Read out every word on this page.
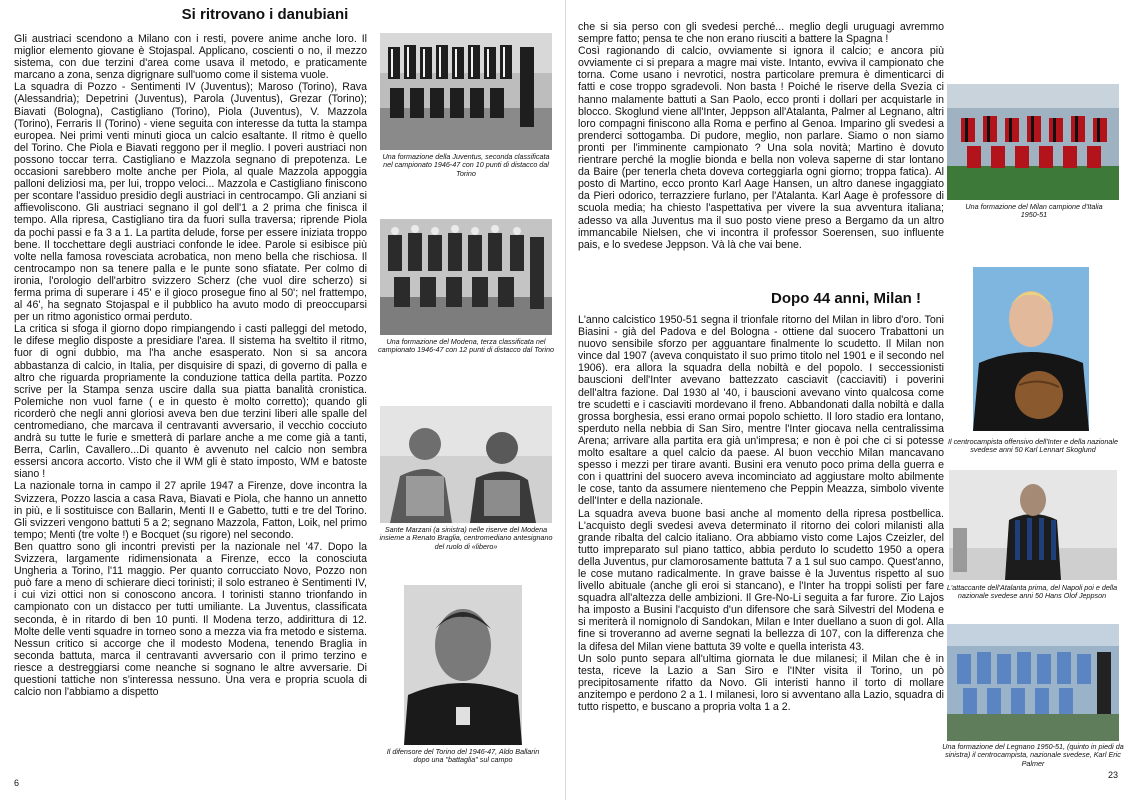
Si ritrovano i danubiani
Gli austriaci scendono a Milano con i resti, povere anime anche loro. Il miglior elemento giovane è Stojaspal. Applicano, coscienti o no, il mezzo sistema, con due terzini d'area come usava il metodo, e praticamente marcano a zona, senza digrignare sull'uomo come il sistema vuole.
La squadra di Pozzo - Sentimenti IV (Juventus); Maroso (Torino), Rava (Alessandria); Depetrini (Juventus), Parola (Juventus), Grezar (Torino); Biavati (Bologna), Castigliano (Torino), Piola (Juventus), V. Mazzola (Torino), Ferraris II (Torino) - viene seguita con interesse da tutta la stampa europea. Nei primi venti minuti gioca un calcio esaltante. Il ritmo è quello del Torino. Che Piola e Biavati reggono per il meglio. I poveri austriaci non possono toccar terra. Castigliano e Mazzola segnano di prepotenza. Le occasioni sarebbero molte anche per Piola, al quale Mazzola appoggia palloni deliziosi ma, per lui, troppo veloci... Mazzola e Castigliano finiscono per scontare l'assiduo presidio degli austriaci in centrocampo. Gli anziani si affievoliscono. Gli austriaci segnano il gol dell'1 a 2 prima che finisca il tempo. Alla ripresa, Castigliano tira da fuori sulla traversa; riprende Piola da pochi passi e fa 3 a 1. La partita delude, forse per essere iniziata troppo bene. Il tocchettare degli austriaci confonde le idee. Parole si esibisce più volte nella famosa rovesciata acrobatica, non meno bella che rischiosa. Il centrocampo non sa tenere palla e le punte sono sfiatate. Per colmo di ironia, l'orologio dell'arbitro svizzero Scherz (che vuol dire scherzo) si ferma prima di superare i 45' e il gioco prosegue fino al 50'; nel frattempo, al 46', ha segnato Stojaspal e il pubblico ha avuto modo di preoccuparsi per un ritmo agonistico ormai perduto.
La critica si sfoga il giorno dopo rimpiangendo i casti palleggi del metodo, le difese meglio disposte a presidiare l'area. Il sistema ha sveltito il ritmo, fuor di ogni dubbio, ma l'ha anche esasperato. Non si sa ancora abbastanza di calcio, in Italia, per disquisire di spazi, di governo di palla e altro che riguarda propriamente la conduzione tattica della partita. Pozzo scrive per la Stampa senza uscire dalla sua piatta banalità cronistica. Polemiche non vuol farne ( e in questo è molto corretto); quando gli ricorderò che negli anni gloriosi aveva ben due terzini liberi alle spalle del centromediano, che marcava il centravanti avversario, il vecchio cocciuto andrà su tutte le furie e smetterà di parlare anche a me come già a tanti, Berra, Carlin, Cavallero...Di quanto è avvenuto nel calcio non sembra essersi ancora accorto. Visto che il WM gli è stato imposto, WM e batoste siano !
La nazionale torna in campo il 27 aprile 1947 a Firenze, dove incontra la Svizzera, Pozzo lascia a casa Rava, Biavati e Piola, che hanno un annetto in più, e li sostituisce con Ballarin, Menti II e Gabetto, tutti e tre del Torino. Gli svizzeri vengono battuti 5 a 2; segnano Mazzola, Fatton, Loik, nel primo tempo; Menti (tre volte !) e Bocquet (su rigore) nel secondo.
Ben quattro sono gli incontri previsti per la nazionale nel '47. Dopo la Svizzera, largamente ridimensionata a Firenze, ecco la conosciuta Ungheria a Torino, l'11 maggio. Per quanto corrucciato Novo, Pozzo non può fare a meno di schierare dieci torinisti; il solo estraneo è Sentimenti IV, i cui vizi ottici non si conoscono ancora. I torinisti stanno trionfando in campionato con un distacco per tutti umiliante. La Juventus, classificata seconda, è in ritardo di ben 10 punti. Il Modena terzo, addirittura di 12. Molte delle venti squadre in torneo sono a mezza via fra metodo e sistema. Nessun critico si accorge che il modesto Modena, tenendo Braglia in seconda battuta, marca il centravanti avversario con il primo terzino e riesce a destreggiarsi come neanche si sognano le altre avversarie. Di questioni tattiche non s'interessa nessuno. Una vera e propria scuola di calcio non l'abbiamo a dispetto
Una formazione della Juventus, seconda classificata nel campionato 1946-47 con 10 punti di distacco dal Torino
Una formazione del Modena, terza classificata nel campionato 1946-47 con 12 punti di distacco dal Torino
Sante Marzani (a sinistra) nelle riserve del Modena insieme a Renato Braglia, centromediano antesignano del ruolo di «libero»
Il difensore del Torino del 1946-47, Aldo Ballarin dopo una "battaglia" sul campo
6
che si sia perso con gli svedesi perché... meglio degli uruguagi avremmo sempre fatto; pensa te che non erano riusciti a battere la Spagna !
Così ragionando di calcio, ovviamente si ignora il calcio; e ancora più ovviamente ci si prepara a magre mai viste. Intanto, evviva il campionato che torna. Come usano i nevrotici, nostra particolare premura è dimenticarci di fatti e cose troppo sgradevoli. Non basta ! Poiché le riserve della Svezia ci hanno malamente battuti a San Paolo, ecco pronti i dollari per acquistarle in blocco. Skoglund viene all'Inter, Jeppson all'Atalanta, Palmer al Legnano, altri loro compagni finiscono alla Roma e perfino al Genoa. Imparino gli svedesi a prenderci sottogamba. Di pudore, meglio, non parlare. Siamo o non siamo pronti per l'imminente campionato ? Una sola novità; Martino è dovuto rientrare perché la moglie bionda e bella non voleva saperne di star lontano da Baire (per tenerla cheta doveva corteggiarla ogni giorno; troppa fatica). Al posto di Martino, ecco pronto Karl Aage Hansen, un altro danese ingaggiato da Pieri odorico, terrazziere furlano, per l'Atalanta. Karl Aage è professore di scuola media; ha chiesto l'aspettativa per vivere la sua avventura italiana; adesso va alla Juventus ma il suo posto viene preso a Bergamo da un altro immancabile Nielsen, che vi incontra il professor Soerensen, suo influente pais, e lo svedese Jeppson. Và là che vai bene.
Dopo 44 anni, Milan !
L'anno calcistico 1950-51 segna il trionfale ritorno del Milan in libro d'oro. Toni Biasini - già del Padova e del Bologna - ottiene dal suocero Trabattoni un nuovo sensibile sforzo per agguantare finalmente lo scudetto. Il Milan non vince dal 1907 (aveva conquistato il suo primo titolo nel 1901 e il secondo nel 1906). era allora la squadra della nobiltà e del popolo. I seccessionisti bauscioni dell'Inter avevano battezzato casciavit (cacciaviti) i poverini dell'altra fazione. Dal 1930 al '40, i bauscioni avevano vinto qualcosa come tre scudetti e i casciaviti mordevano il freno. Abbandonati dalla nobiltà e dalla grossa borghesia, essi erano ormai popolo schietto. Il loro stadio era lontano, sperduto nella nebbia di San Siro, mentre l'Inter giocava nella centralissima Arena; arrivare alla partita era già un'impresa; e non è poi che ci si potesse molto esaltare a quel calcio da paese. Al buon vecchio Milan mancavano spesso i mezzi per tirare avanti. Busini era venuto poco prima della guerra e con i quattrini del suocero aveva incominciato ad aggiustare molto abilmente le cose, tanto da assumere nientemeno che Peppin Meazza, simbolo vivente dell'Inter e della nazionale.
La squadra aveva buone basi anche al momento della ripresa postbellica. L'acquisto degli svedesi aveva determinato il ritorno dei colori milanisti alla grande ribalta del calcio italiano. Ora abbiamo visto come Lajos Czeizler, del tutto impreparato sul piano tattico, abbia perduto lo scudetto 1950 a opera della Juventus, pur clamorosamente battuta 7 a 1 sul suo campo. Quest'anno, le cose mutano radicalmente. In grave baisse è la Juventus rispetto al suo livello abituale (anche gli eroi si stancano), e l'Inter ha troppi solisti per fare squadra all'altezza delle ambizioni. Il Gre-No-Li seguita a far furore. Zio Lajos ha imposto a Busini l'acquisto d'un difensore che sarà Silvestri del Modena e si meriterà il nomignolo di Sandokan, Milan e Inter duellano a suon di gol. Alla fine si troveranno ad averne segnati la bellezza di 107, con la differenza che la difesa del Milan viene battuta 39 volte e quella interista 43.
Un solo punto separa all'ultima giornata le due milanesi; il Milan che è in testa, riceve la Lazio a San Siro e l'INter visita il Torino, un pò precipitosamente rifatto da Novo. Gli interisti hanno il torto di mollare anzitempo e perdono 2 a 1. I milanesi, loro si avventano alla Lazio, squadra di tutto rispetto, e buscano a propria volta 1 a 2.
Una formazione del Milan campione d'Italia 1950-51
Il centrocampista offensivo dell'Inter e della nazionale svedese anni 50 Karl Lennart Skoglund
L'attaccante dell'Atalanta prima, del Napoli poi e della nazionale svedese anni 50 Hans Olof Jeppson
Una formazione del Legnano 1950-51, (quinto in piedi da sinistra) il centrocampista, nazionale svedese, Karl Eric Palmer
23
